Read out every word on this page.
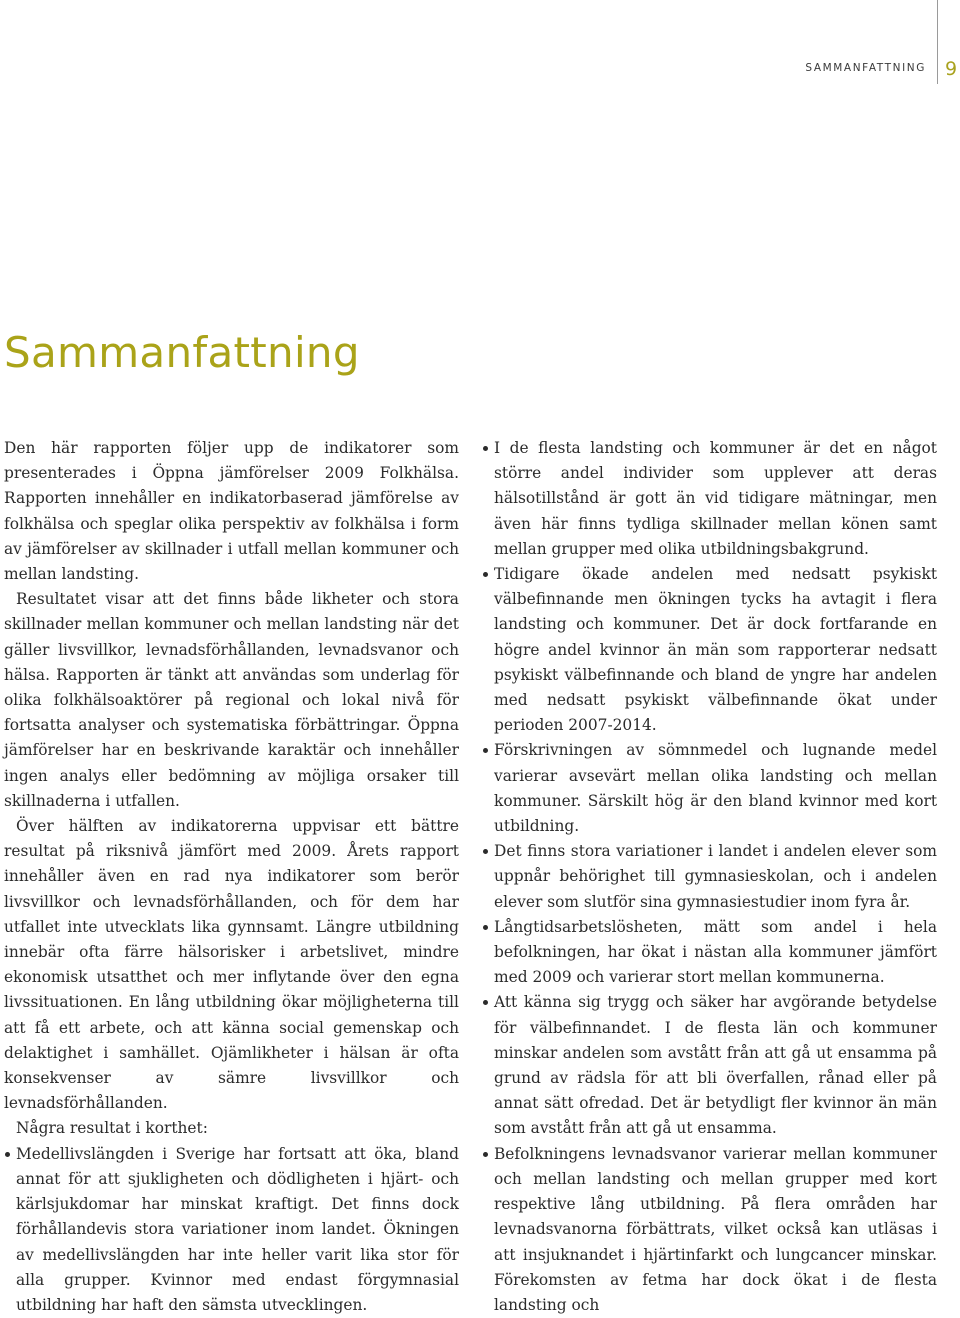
SAMMANFATTNING 9
Sammanfattning

Den här rapporten följer upp de indikatorer som presenterades i Öppna jämförelser 2009 Folkhälsa. Rapporten innehåller en indikatorbaserad jämförelse av folkhälsa och speglar olika perspektiv av folkhälsa i form av jämförelser av skillnader i utfall mellan kommuner och mellan landsting.

Resultatet visar att det finns både likheter och stora skillnader mellan kommuner och mellan landsting när det gäller livsvillkor, levnadsförhållanden, levnadsvanor och hälsa. Rapporten är tänkt att användas som underlag för olika folkhälsoaktörer på regional och lokal nivå för fortsatta analyser och systematiska förbättringar. Öppna jämförelser har en beskrivande karaktär och innehåller ingen analys eller bedömning av möjliga orsaker till skillnaderna i utfallen.

Över hälften av indikatorerna uppvisar ett bättre resultat på riksnivå jämfört med 2009. Årets rapport innehåller även en rad nya indikatorer som berör livsvillkor och levnadsförhållanden, och för dem har utfallet inte utvecklats lika gynnsamt. Längre utbildning innebär ofta färre hälsorisker i arbetslivet, mindre ekonomisk utsatthet och mer inflytande över den egna livssituationen. En lång utbildning ökar möjligheterna till att få ett arbete, och att känna social gemenskap och delaktighet i samhället. Ojämlikheter i hälsan är ofta konsekvenser av sämre livsvillkor och levnadsförhållanden.

Några resultat i korthet:

Medellivslängden i Sverige har fortsatt att öka, bland annat för att sjukligheten och dödligheten i hjärt- och kärlsjukdomar har minskat kraftigt. Det finns dock förhållandevis stora variationer inom landet. Ökningen av medellivslängden har inte heller varit lika stor för alla grupper. Kvinnor med endast förgymnasial utbildning har haft den sämsta utvecklingen.
I de flesta landsting och kommuner är det en något större andel individer som upplever att deras hälsotillstånd är gott än vid tidigare mätningar, men även här finns tydliga skillnader mellan könen samt mellan grupper med olika utbildningsbakgrund.
Tidigare ökade andelen med nedsatt psykiskt välbefinnande men ökningen tycks ha avtagit i flera landsting och kommuner. Det är dock fortfarande en högre andel kvinnor än män som rapporterar nedsatt psykiskt välbefinnande och bland de yngre har andelen med nedsatt psykiskt välbefinnande ökat under perioden 2007-2014.
Förskrivningen av sömnmedel och lugnande medel varierar avsevärt mellan olika landsting och mellan kommuner. Särskilt hög är den bland kvinnor med kort utbildning.
Det finns stora variationer i landet i andelen elever som uppnår behörighet till gymnasieskolan, och i andelen elever som slutför sina gymnasiestudier inom fyra år.
Långtidsarbetslösheten, mätt som andel i hela befolkningen, har ökat i nästan alla kommuner jämfört med 2009 och varierar stort mellan kommunerna.
Att känna sig trygg och säker har avgörande betydelse för välbefinnandet. I de flesta län och kommuner minskar andelen som avstått från att gå ut ensamma på grund av rädsla för att bli överfallen, rånad eller på annat sätt ofredad. Det är betydligt fler kvinnor än män som avstått från att gå ut ensamma.
Befolkningens levnadsvanor varierar mellan kommuner och mellan landsting och mellan grupper med kort respektive lång utbildning. På flera områden har levnadsvanorna förbättrats, vilket också kan utläsas i att insjuknandet i hjärtinfarkt och lungcancer minskar. Förekomsten av fetma har dock ökat i de flesta landsting och
